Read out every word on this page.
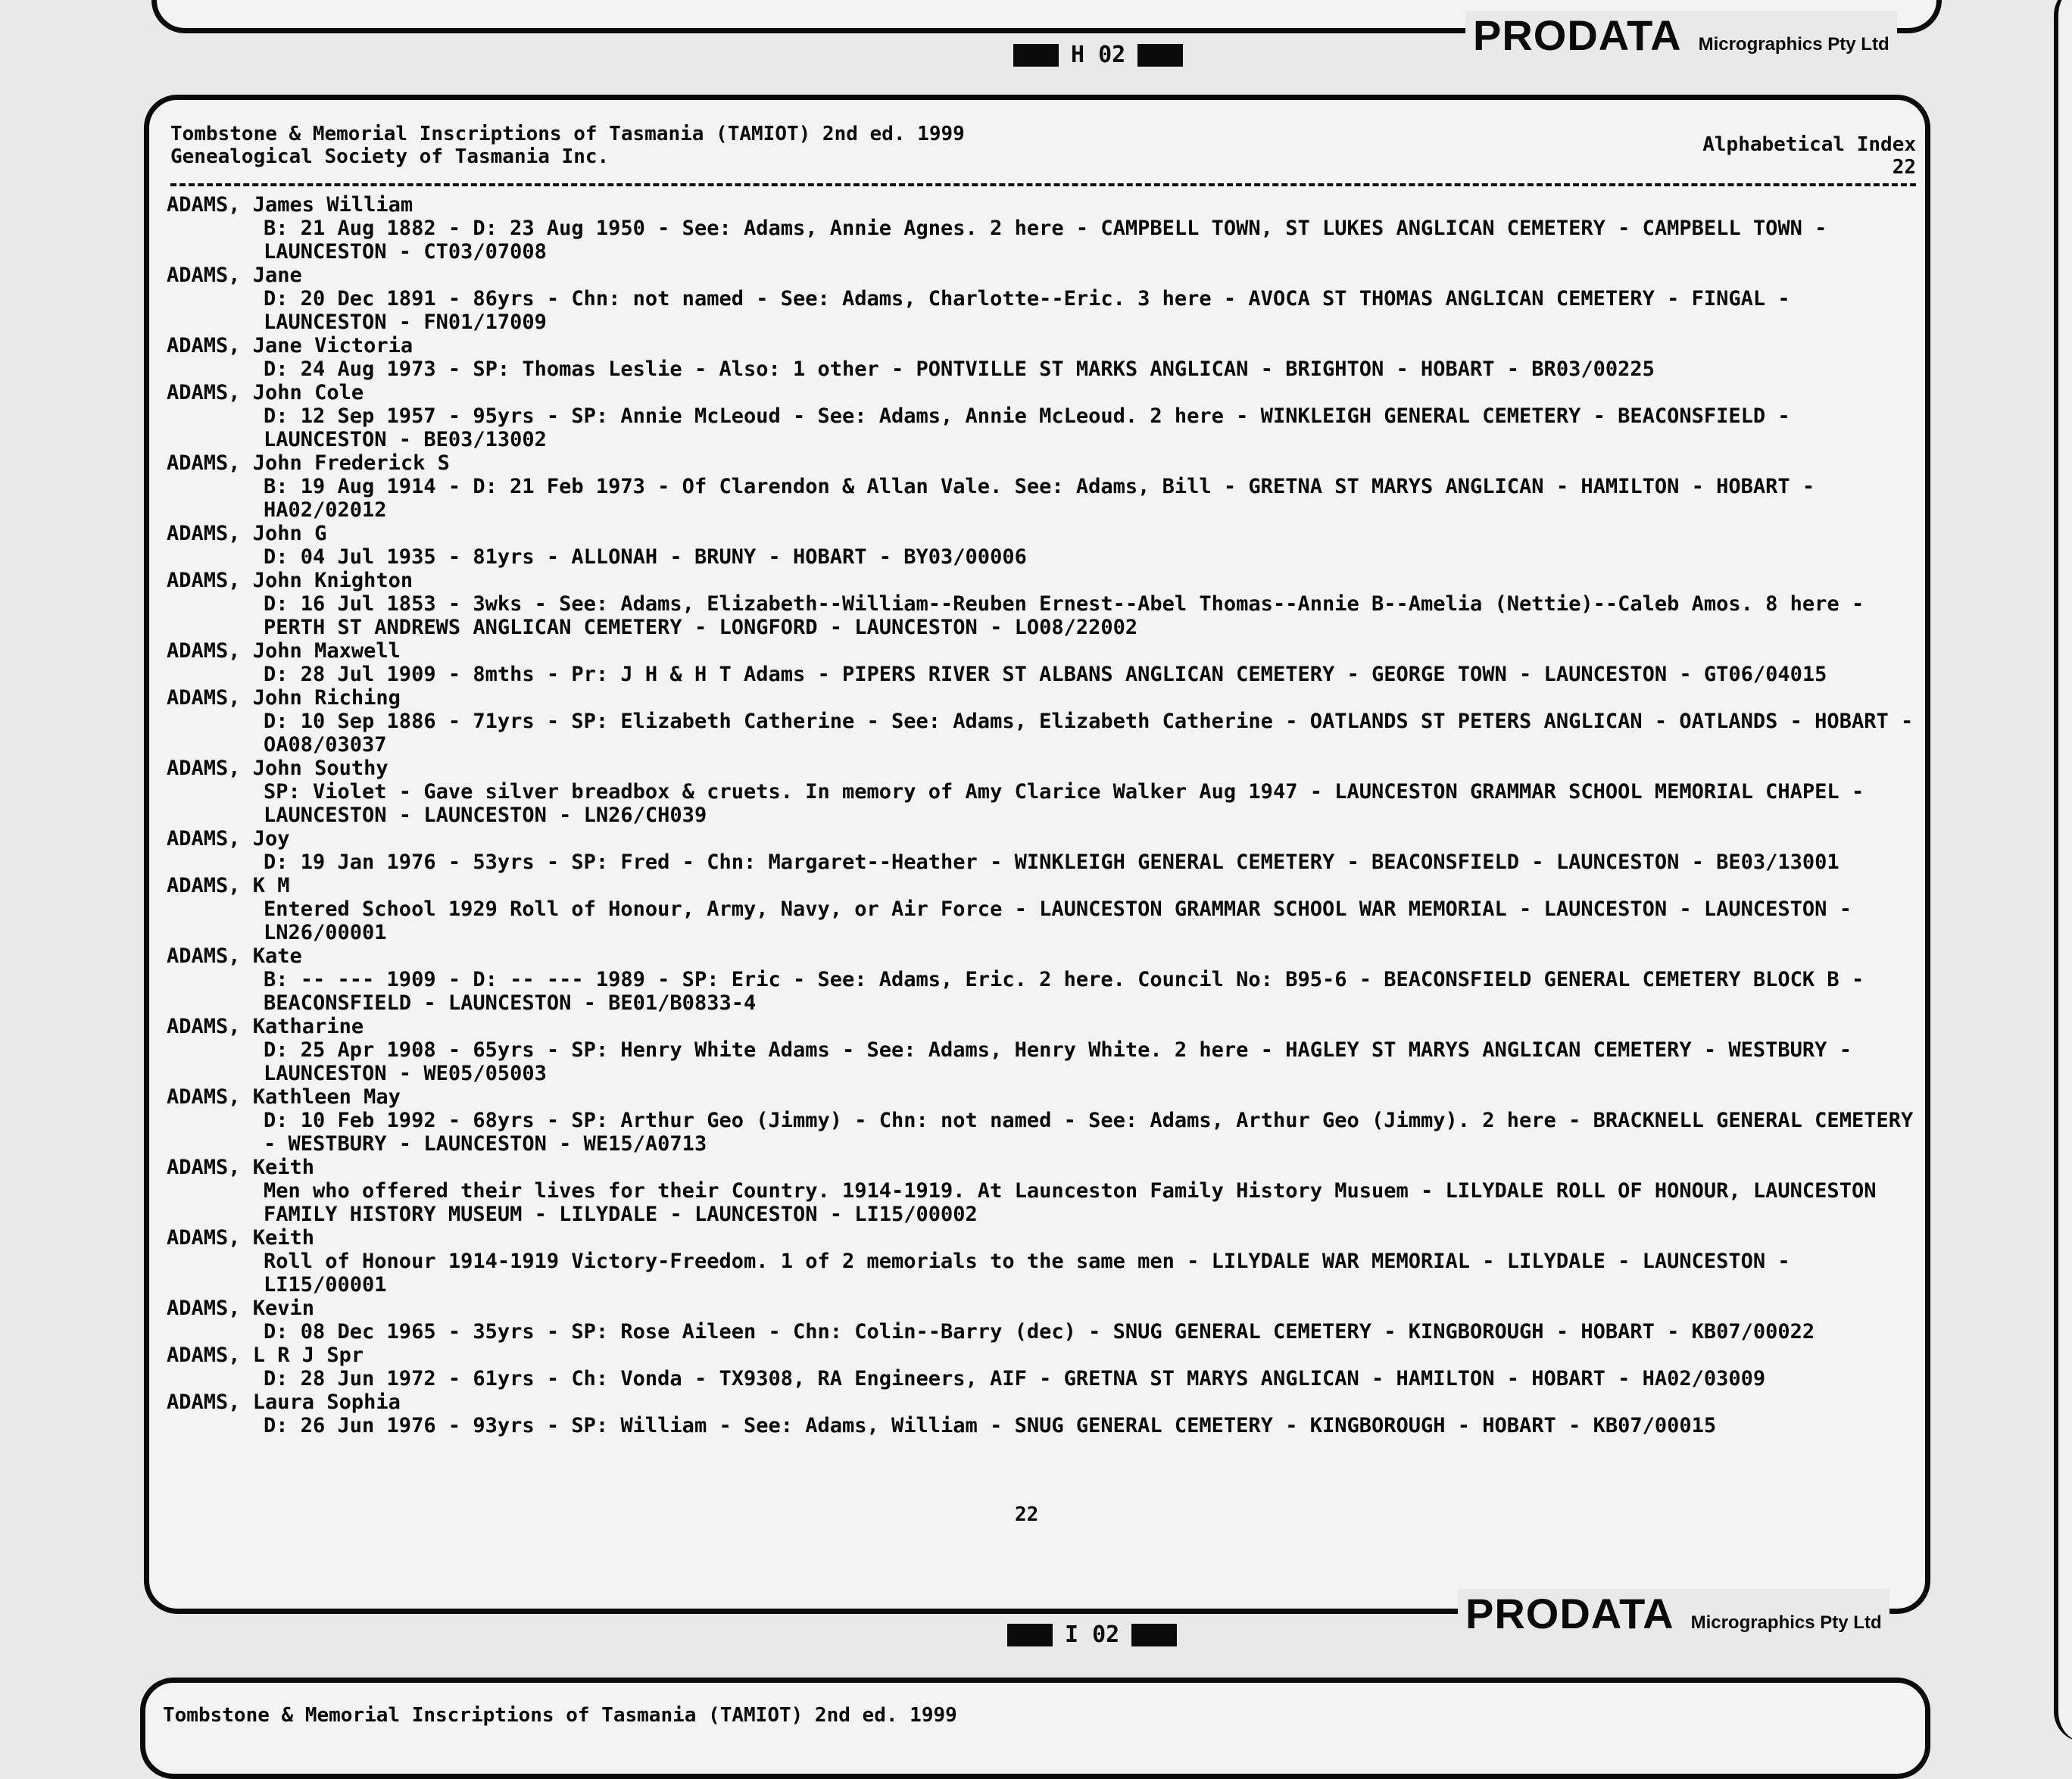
PRODATA Micrographics Pty Ltd
H 02
Tombstone & Memorial Inscriptions of Tasmania (TAMIOT) 2nd ed. 1999
Genealogical Society of Tasmania Inc.
Alphabetical Index
22
ADAMS, James William
B: 21 Aug 1882 - D: 23 Aug 1950 - See: Adams, Annie Agnes. 2 here - CAMPBELL TOWN, ST LUKES ANGLICAN CEMETERY - CAMPBELL TOWN - LAUNCESTON - CT03/07008
ADAMS, Jane
D: 20 Dec 1891 - 86yrs - Chn: not named - See: Adams, Charlotte--Eric. 3 here - AVOCA ST THOMAS ANGLICAN CEMETERY - FINGAL - LAUNCESTON - FN01/17009
ADAMS, Jane Victoria
D: 24 Aug 1973 - SP: Thomas Leslie - Also: 1 other - PONTVILLE ST MARKS ANGLICAN - BRIGHTON - HOBART - BR03/00225
ADAMS, John Cole
D: 12 Sep 1957 - 95yrs - SP: Annie McLeoud - See: Adams, Annie McLeoud. 2 here - WINKLEIGH GENERAL CEMETERY - BEACONSFIELD - LAUNCESTON - BE03/13002
ADAMS, John Frederick S
B: 19 Aug 1914 - D: 21 Feb 1973 - Of Clarendon & Allan Vale. See: Adams, Bill - GRETNA ST MARYS ANGLICAN - HAMILTON - HOBART - HA02/02012
ADAMS, John G
D: 04 Jul 1935 - 81yrs - ALLONAH - BRUNY - HOBART - BY03/00006
ADAMS, John Knighton
D: 16 Jul 1853 - 3wks - See: Adams, Elizabeth--William--Reuben Ernest--Abel Thomas--Annie B--Amelia (Nettie)--Caleb Amos. 8 here - PERTH ST ANDREWS ANGLICAN CEMETERY - LONGFORD - LAUNCESTON - LO08/22002
ADAMS, John Maxwell
D: 28 Jul 1909 - 8mths - Pr: J H & H T Adams - PIPERS RIVER ST ALBANS ANGLICAN CEMETERY - GEORGE TOWN - LAUNCESTON - GT06/04015
ADAMS, John Riching
D: 10 Sep 1886 - 71yrs - SP: Elizabeth Catherine - See: Adams, Elizabeth Catherine - OATLANDS ST PETERS ANGLICAN - OATLANDS - HOBART - OA08/03037
ADAMS, John Southy
SP: Violet - Gave silver breadbox & cruets. In memory of Amy Clarice Walker Aug 1947 - LAUNCESTON GRAMMAR SCHOOL MEMORIAL CHAPEL - LAUNCESTON - LAUNCESTON - LN26/CH039
ADAMS, Joy
D: 19 Jan 1976 - 53yrs - SP: Fred - Chn: Margaret--Heather - WINKLEIGH GENERAL CEMETERY - BEACONSFIELD - LAUNCESTON - BE03/13001
ADAMS, K M
Entered School 1929 Roll of Honour, Army, Navy, or Air Force - LAUNCESTON GRAMMAR SCHOOL WAR MEMORIAL - LAUNCESTON - LAUNCESTON - LN26/00001
ADAMS, Kate
B: -- --- 1909 - D: -- --- 1989 - SP: Eric - See: Adams, Eric. 2 here. Council No: B95-6 - BEACONSFIELD GENERAL CEMETERY BLOCK B - BEACONSFIELD - LAUNCESTON - BE01/B0833-4
ADAMS, Katharine
D: 25 Apr 1908 - 65yrs - SP: Henry White Adams - See: Adams, Henry White. 2 here - HAGLEY ST MARYS ANGLICAN CEMETERY - WESTBURY - LAUNCESTON - WE05/05003
ADAMS, Kathleen May
D: 10 Feb 1992 - 68yrs - SP: Arthur Geo (Jimmy) - Chn: not named - See: Adams, Arthur Geo (Jimmy). 2 here - BRACKNELL GENERAL CEMETERY - WESTBURY - LAUNCESTON - WE15/A0713
ADAMS, Keith
Men who offered their lives for their Country. 1914-1919. At Launceston Family History Musuem - LILYDALE ROLL OF HONOUR, LAUNCESTON FAMILY HISTORY MUSEUM - LILYDALE - LAUNCESTON - LI15/00002
ADAMS, Keith
Roll of Honour 1914-1919 Victory-Freedom. 1 of 2 memorials to the same men - LILYDALE WAR MEMORIAL - LILYDALE - LAUNCESTON - LI15/00001
ADAMS, Kevin
D: 08 Dec 1965 - 35yrs - SP: Rose Aileen - Chn: Colin--Barry (dec) - SNUG GENERAL CEMETERY - KINGBOROUGH - HOBART - KB07/00022
ADAMS, L R J Spr
D: 28 Jun 1972 - 61yrs - Ch: Vonda - TX9308, RA Engineers, AIF - GRETNA ST MARYS ANGLICAN - HAMILTON - HOBART - HA02/03009
ADAMS, Laura Sophia
D: 26 Jun 1976 - 93yrs - SP: William - See: Adams, William - SNUG GENERAL CEMETERY - KINGBOROUGH - HOBART - KB07/00015
22
PRODATA Micrographics Pty Ltd
I 02
Tombstone & Memorial Inscriptions of Tasmania (TAMIOT) 2nd ed. 1999
